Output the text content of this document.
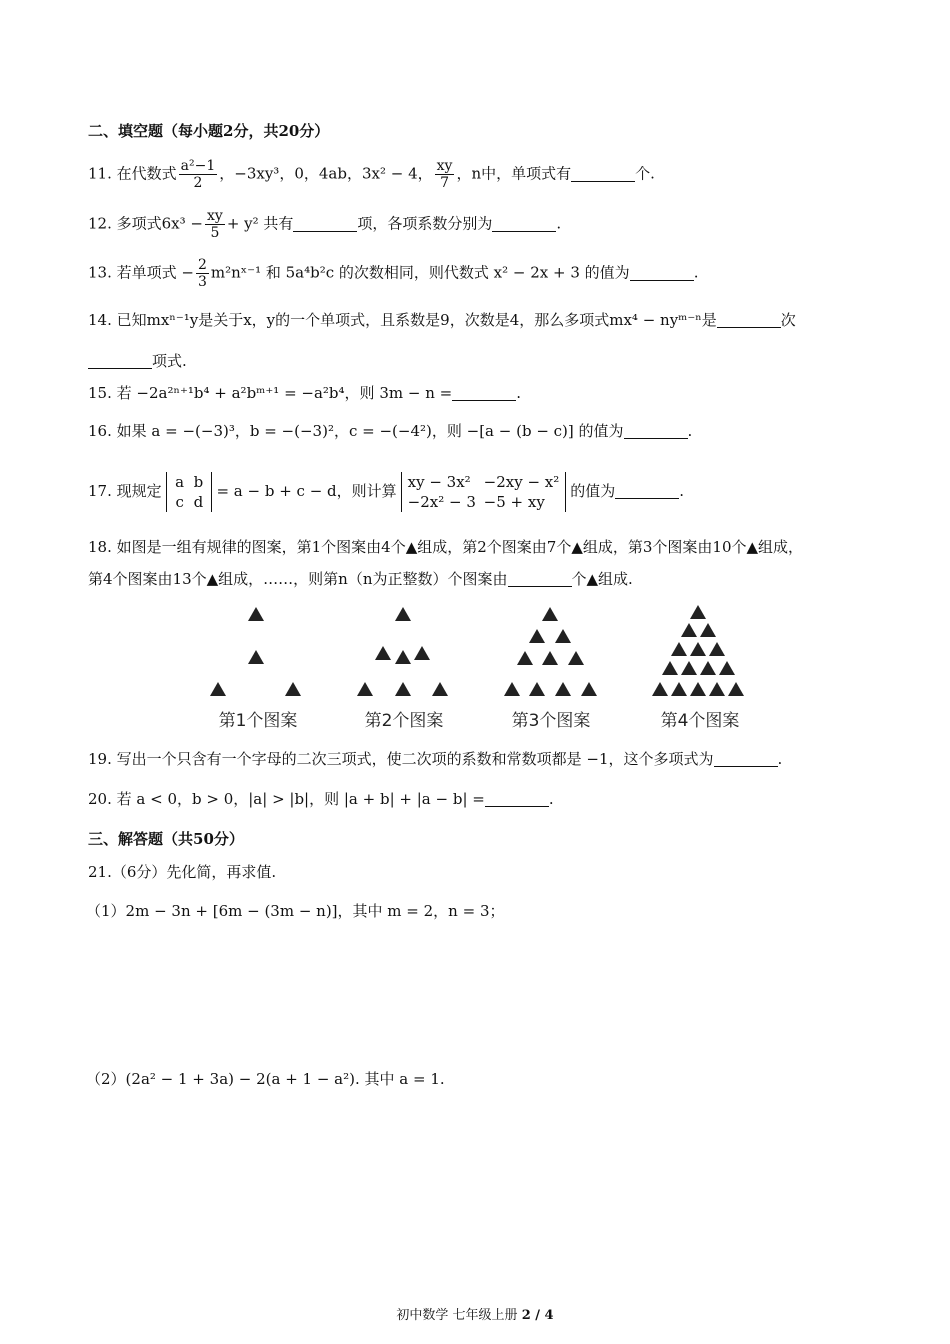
二、填空题（每小题2分，共20分）
11. 在代数式 $\frac{\text{a²−1}}{2}$ ，−3xy³，0，4ab，3x² − 4， $\frac{xy}{7}$ ，n中，单项式有	个.
12. 多项式$6x^3 - \frac{xy}{5} + y^2$ 共有	项，各项系数分别为	.
13. 若单项式 − $\frac{2}{3}$ m²nˣ⁻¹ 和 5a⁴b²c 的次数相同，则代数式 x² − 2x + 3 的值为	.
14. 已知mxⁿ⁻¹y是关于x，y的一个单项式，且系数是9，次数是4，那么多项式mx⁴ − nyᵐ⁻ⁿ是	次
项式.
15. 若 −2a²ⁿ⁺¹b⁴ + a²bᵐ⁺¹ = −a²b⁴，则 3m − n =	.
16. 如果 a = −(−3)³，b = −(−3)²，c = −(−4²)，则 −[a − (b − c)] 的值为	.
17. 现规定 a b
c d
= a − b + c − d，则计算 xy − 3x² −2xy − x²
−2x² − 3 −5 + xy
的值为	.
18. 如图是一组有规律的图案，第1个图案由4个▲组成，第2个图案由7个▲组成，第3个图案由10个▲组成，
第4个图案由13个▲组成，……，则第n（n为正整数）个图案由	个▲组成.
第1个图案	第2个图案	第3个图案	第4个图案
19. 写出一个只含有一个字母的二次三项式，使二次项的系数和常数项都是 −1，这个多项式为	.
20. 若 a < 0，b > 0，|a| > |b|，则 |a + b| + |a − b| =	.
三、解答题（共50分）
21.（6分）先化简，再求值.
（1）2m − 3n + [6m − (3m − n)]，其中 m = 2，n = 3；
（2）(2a² − 1 + 3a) − 2(a + 1 − a²). 其中 a = 1.
初中数学 七年级上册 2 / 4
